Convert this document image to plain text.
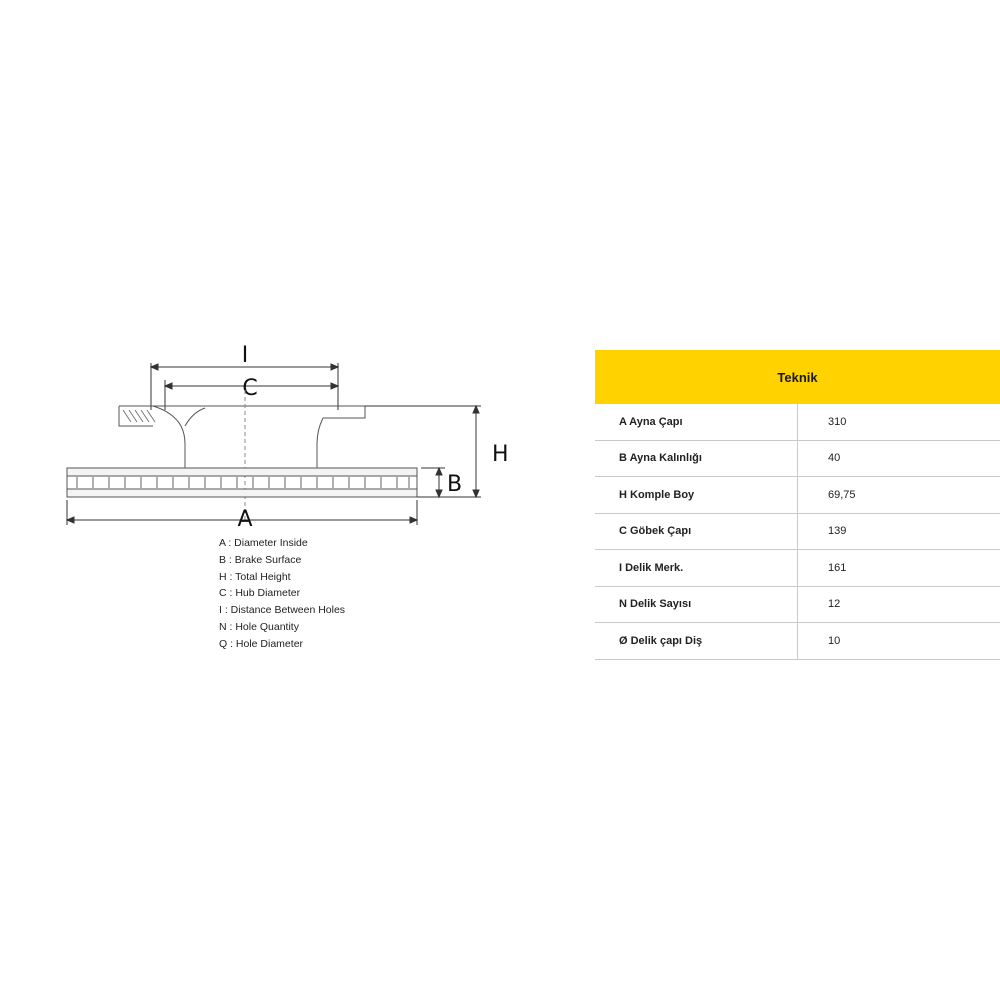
I
C
H
B
A
A : Diameter Inside
B : Brake Surface
H : Total Height
C : Hub Diameter
I : Distance Between Holes
N : Hole Quantity
Q : Hole Diameter
Teknik	
A Ayna Çapı	310
B Ayna Kalınlığı	40
H Komple Boy	69,75
C Göbek Çapı	139
I Delik Merk.	161
N Delik Sayısı	12
Ø Delik çapı Diş	10
